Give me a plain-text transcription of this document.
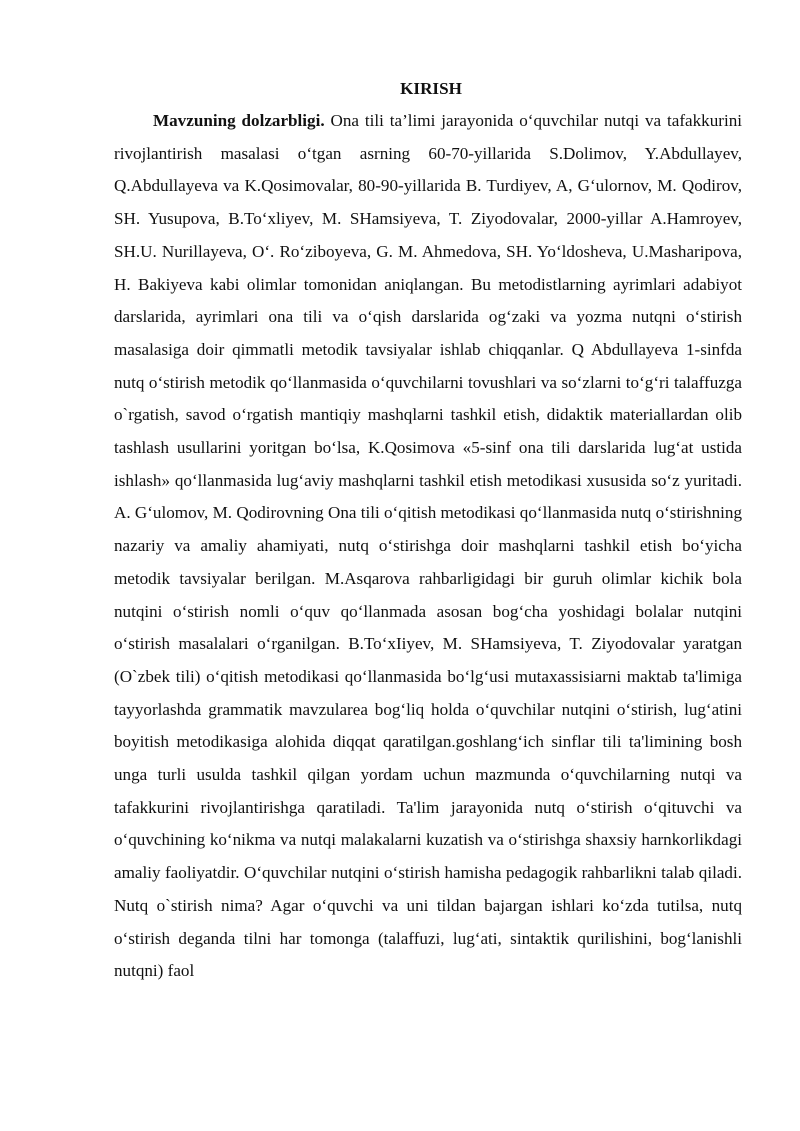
KIRISH

Mavzuning dolzarbligi. Ona tili ta’limi jarayonida o‘quvchilar nutqi va tafakkurini rivojlantirish masalasi o‘tgan asrning 60-70-yillarida S.Dolimov, Y.Abdullayev, Q.Abdullayeva va K.Qosimovalar, 80-90-yillarida B. Turdiyev, A, G‘ulornov, M. Qodirov, SH. Yusupova, B.To‘xliyev, M. SHamsiyeva, T. Ziyodovalar, 2000-yillar A.Hamroyev, SH.U. Nurillayeva, O‘. Ro‘ziboyeva, G. M. Ahmedova, SH. Yo‘ldosheva, U.Masharipova, H. Bakiyeva kabi olimlar tomonidan aniqlangan. Bu metodistlarning ayrimlari adabiyot darslarida, ayrimlari ona tili va o‘qish darslarida og‘zaki va yozma nutqni o‘stirish masalasiga doir qimmatli metodik tavsiyalar ishlab chiqqanlar. Q Abdullayeva 1-sinfda nutq o‘stirish metodik qo‘llanmasida o‘quvchilarni tovushlari va so‘zlarni to‘g‘ri talaffuzga o`rgatish, savod o‘rgatish mantiqiy mashqlarni tashkil etish, didaktik materiallardan olib tashlash usullarini yoritgan bo‘lsa, K.Qosimova «5-sinf ona tili darslarida lug‘at ustida ishlash» qo‘llanmasida lug‘aviy mashqlarni tashkil etish metodikasi xususida so‘z yuritadi. A. G‘ulomov, M. Qodirovning Ona tili o‘qitish metodikasi qo‘llanmasida nutq o‘stirishning nazariy va amaliy ahamiyati, nutq o‘stirishga doir mashqlarni tashkil etish bo‘yicha metodik tavsiyalar berilgan. M.Asqarova rahbarligidagi bir guruh olimlar kichik bola nutqini o‘stirish nomli o‘quv qo‘llanmada asosan bog‘cha yoshidagi bolalar nutqini o‘stirish masalalari o‘rganilgan. B.To‘xIiyev, M. SHamsiyeva, T. Ziyodovalar yaratgan (O`zbek tili) o‘qitish metodikasi qo‘llanmasida bo‘lg‘usi mutaxassisiarni maktab ta'limiga tayyorlashda grammatik mavzularea bog‘liq holda o‘quvchilar nutqini o‘stirish, lug‘atini boyitish metodikasiga alohida diqqat qaratilgan.goshlang‘ich sinflar tili ta'limining bosh unga turli usulda tashkil qilgan yordam uchun mazmunda o‘quvchilarning nutqi va tafakkurini rivojlantirishga qaratiladi. Ta'lim jarayonida nutq o‘stirish o‘qituvchi va o‘quvchining ko‘nikma va nutqi malakalarni kuzatish va o‘stirishga shaxsiy harnkorlikdagi amaliy faoliyatdir. O‘quvchilar nutqini o‘stirish hamisha pedagogik rahbarlikni talab qiladi. Nutq o`stirish nima? Agar o‘quvchi va uni tildan bajargan ishlari ko‘zda tutilsa, nutq o‘stirish deganda tilni har tomonga (talaffuzi, lug‘ati, sintaktik qurilishini, bog‘lanishli nutqni) faol
